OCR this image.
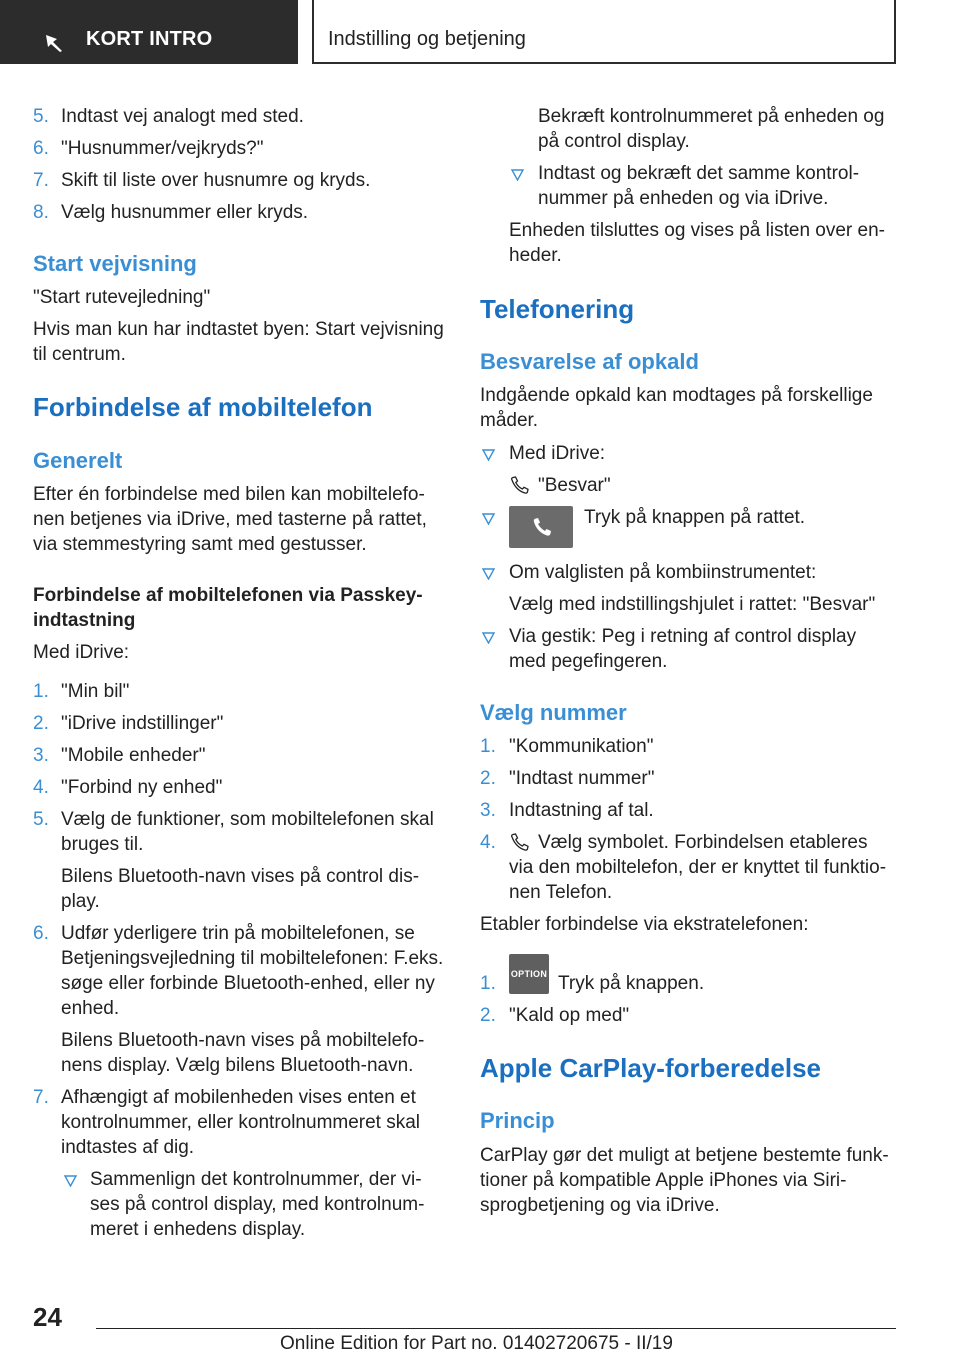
KORT INTRO	Indstilling og betjening
5. Indtast vej analogt med sted.
6. "Husnummer/vejkryds?"
7. Skift til liste over husnumre og kryds.
8. Vælg husnummer eller kryds.
Start vejvisning
"Start rutevejledning"
Hvis man kun har indtastet byen: Start vejvisning
til centrum.
Forbindelse af mobiltelefon
Generelt
Efter én forbindelse med bilen kan mobiltelefo-
nen betjenes via iDrive, med tasterne på rattet,
via stemmestyring samt med gestusser.
Forbindelse af mobiltelefonen via Passkey-
indtastning
Med iDrive:
1. "Min bil"
2. "iDrive indstillinger"
3. "Mobile enheder"
4. "Forbind ny enhed"
5. Vælg de funktioner, som mobiltelefonen skal
bruges til.
Bilens Bluetooth-navn vises på control dis-
play.
6. Udfør yderligere trin på mobiltelefonen, se
Betjeningsvejledning til mobiltelefonen: F.eks.
søge eller forbinde Bluetooth-enhed, eller ny
enhed.
Bilens Bluetooth-navn vises på mobiltelefo-
nens display. Vælg bilens Bluetooth-navn.
7. Afhængigt af mobilenheden vises enten et
kontrolnummer, eller kontrolnummeret skal
indtastes af dig.
Sammenlign det kontrolnummer, der vi-
ses på control display, med kontrolnum-
meret i enhedens display.
Bekræft kontrolnummeret på enheden og
på control display.
Indtast og bekræft det samme kontrol-
nummer på enheden og via iDrive.
Enheden tilsluttes og vises på listen over en-
heder.
Telefonering
Besvarelse af opkald
Indgående opkald kan modtages på forskellige
måder.
Med iDrive:
"Besvar"
Tryk på knappen på rattet.
Om valglisten på kombiinstrumentet:
Vælg med indstillingshjulet i rattet: "Besvar"
Via gestik: Peg i retning af control display
med pegefingeren.
Vælg nummer
1. "Kommunikation"
2. "Indtast nummer"
3. Indtastning af tal.
4. Vælg symbolet. Forbindelsen etableres
via den mobiltelefon, der er knyttet til funktio-
nen Telefon.
Etabler forbindelse via ekstratelefonen:
1. OPTION Tryk på knappen.
2. "Kald op med"
Apple CarPlay-forberedelse
Princip
CarPlay gør det muligt at betjene bestemte funk-
tioner på kompatible Apple iPhones via Siri-
sprogbetjening og via iDrive.
24
Online Edition for Part no. 01402720675 - II/19
